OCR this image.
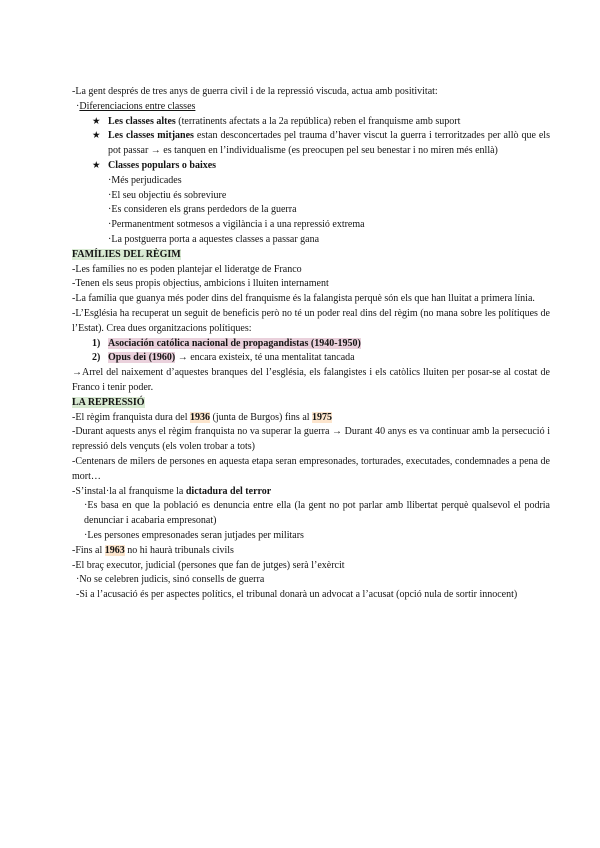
-La gent després de tres anys de guerra civil i de la repressió viscuda, actua amb positivitat:

·Diferenciacions entre classes

★ Les classes altes (terratinents afectats a la 2a república) reben el franquisme amb suport
★ Les classes mitjanes estan desconcertades pel trauma d’haver viscut la guerra i terroritzades per allò que els pot passar → es tanquen en l’individualisme (es preocupen pel seu benestar i no miren més enllà)
★ Classes populars o baixes

·Més perjudicades

·El seu objectiu és sobreviure

·Es consideren els grans perdedors de la guerra

·Permanentment sotmesos a vigilància i a una repressió extrema

·La postguerra porta a aquestes classes a passar gana

FAMÍLIES DEL RÈGIM

-Les famílies no es poden plantejar el lideratge de Franco

-Tenen els seus propis objectius, ambicions i lluiten internament

-La família que guanya més poder dins del franquisme és la falangista perquè són els que han lluitat a primera línia.

-L’Església ha recuperat un seguit de beneficis però no té un poder real dins del règim (no mana sobre les polítiques de l’Estat). Crea dues organitzacions polítiques:

1) Asociación católica nacional de propagandistas (1940-1950)
2) Opus dei (1960) → encara existeix, té una mentalitat tancada

→Arrel del naixement d’aquestes branques del l’església, els falangistes i els catòlics lluiten per posar-se al costat de Franco i tenir poder.

LA REPRESSIÓ

-El règim franquista dura del 1936 (junta de Burgos) fins al 1975

-Durant aquests anys el règim franquista no va superar la guerra → Durant 40 anys es va continuar amb la persecució i repressió dels vençuts (els volen trobar a tots)

-Centenars de milers de persones en aquesta etapa seran empresonades, torturades, executades, condemnades a pena de mort…

-S’instal·la al franquisme la dictadura del terror

·Es basa en que la població es denuncia entre ella (la gent no pot parlar amb llibertat perquè qualsevol el podria denunciar i acabaria empresonat)

·Les persones empresonades seran jutjades per militars

-Fins al 1963 no hi haurà tribunals civils

-El braç executor, judicial (persones que fan de jutges) serà l’exèrcit

·No se celebren judicis, sinó consells de guerra

-Si a l’acusació és per aspectes polítics, el tribunal donarà un advocat a l’acusat (opció nula de sortir innocent)
